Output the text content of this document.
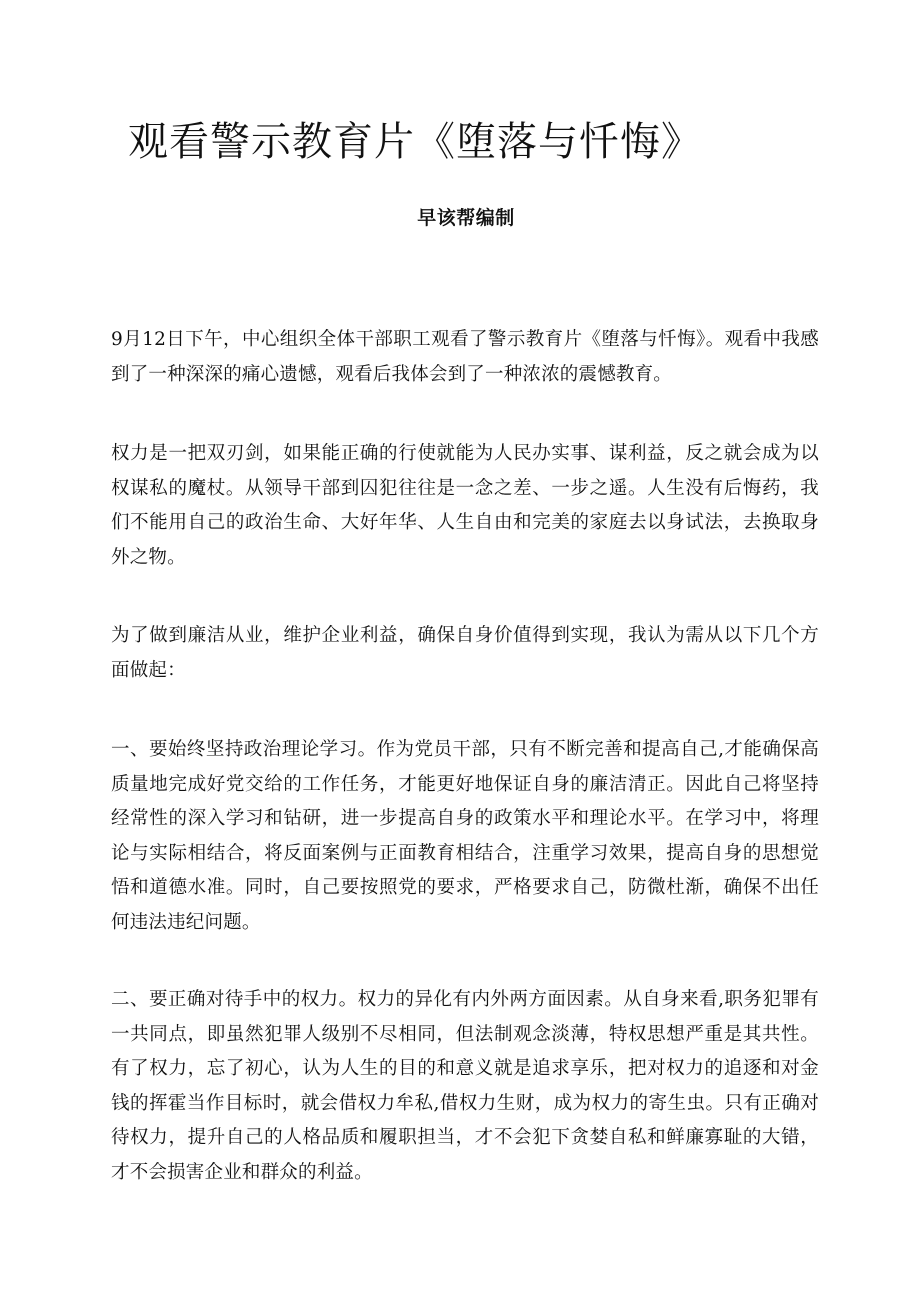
观看警示教育片《堕落与忏悔》
早该帮编制

9月12日下午，中心组织全体干部职工观看了警示教育片《堕落与忏悔》。观看中我感到了一种深深的痛心遗憾，观看后我体会到了一种浓浓的震憾教育。

权力是一把双刃剑，如果能正确的行使就能为人民办实事、谋利益，反之就会成为以权谋私的魔杖。从领导干部到囚犯往往是一念之差、一步之遥。人生没有后悔药，我们不能用自己的政治生命、大好年华、人生自由和完美的家庭去以身试法，去换取身外之物。

为了做到廉洁从业，维护企业利益，确保自身价值得到实现，我认为需从以下几个方面做起：

一、要始终坚持政治理论学习。作为党员干部，只有不断完善和提高自己,才能确保高质量地完成好党交给的工作任务，才能更好地保证自身的廉洁清正。因此自己将坚持经常性的深入学习和钻研，进一步提高自身的政策水平和理论水平。在学习中，将理论与实际相结合，将反面案例与正面教育相结合，注重学习效果，提高自身的思想觉悟和道德水准。同时，自己要按照党的要求，严格要求自己，防微杜渐，确保不出任何违法违纪问题。

二、要正确对待手中的权力。权力的异化有内外两方面因素。从自身来看,职务犯罪有一共同点，即虽然犯罪人级别不尽相同，但法制观念淡薄，特权思想严重是其共性。有了权力，忘了初心，认为人生的目的和意义就是追求享乐，把对权力的追逐和对金钱的挥霍当作目标时，就会借权力牟私,借权力生财，成为权力的寄生虫。只有正确对待权力，提升自己的人格品质和履职担当，才不会犯下贪婪自私和鲜廉寡耻的大错，才不会损害企业和群众的利益。
